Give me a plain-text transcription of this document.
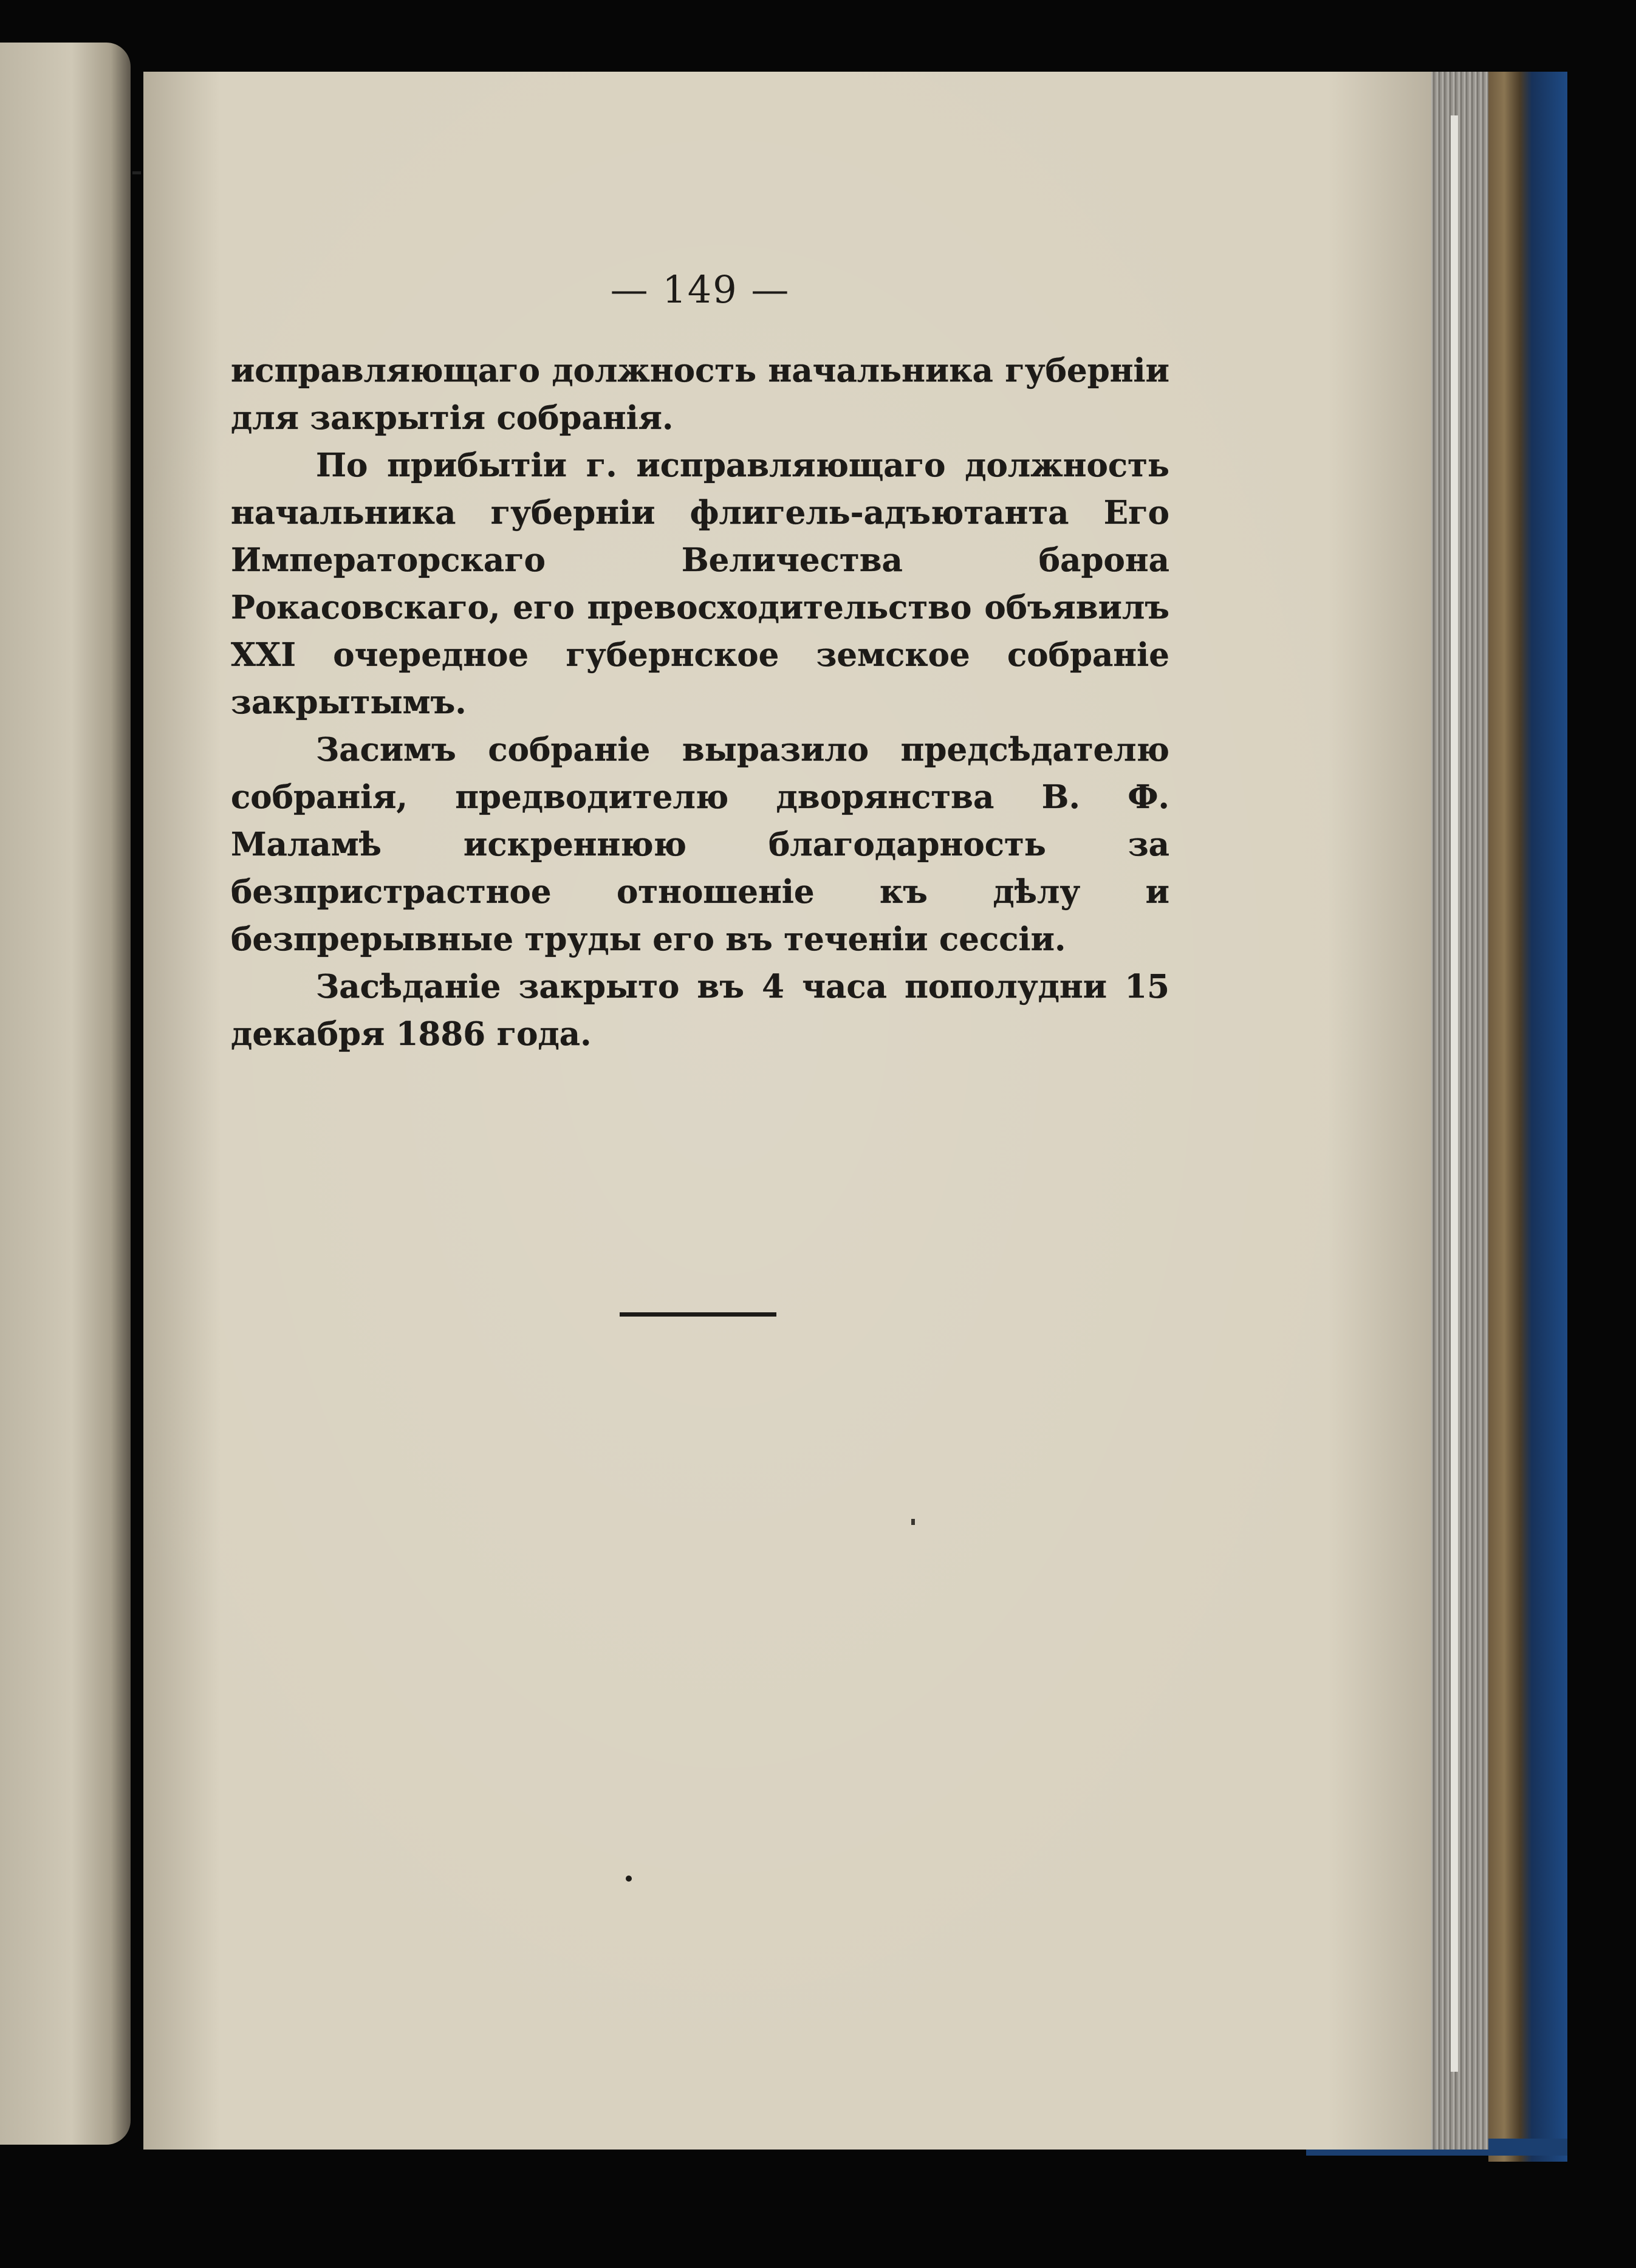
— 149 —

исправляющаго должность начальника губерніи для закрытія собранія.

По прибытіи г. исправляющаго должность начальника губерніи флигель-адъютанта Его Императорскаго Величества барона Рокасовскаго, его превосходительство объявилъ XXI очередное губернское земское собраніе закрытымъ.

Засимъ собраніе выразило предсѣдателю собранія, предводителю дворянства В. Ф. Маламѣ искреннюю благодарность за безпристрастное отношеніе къ дѣлу и безпрерывные труды его въ теченіи сессіи.

Засѣданіе закрыто въ 4 часа пополудни 15 декабря 1886 года.
